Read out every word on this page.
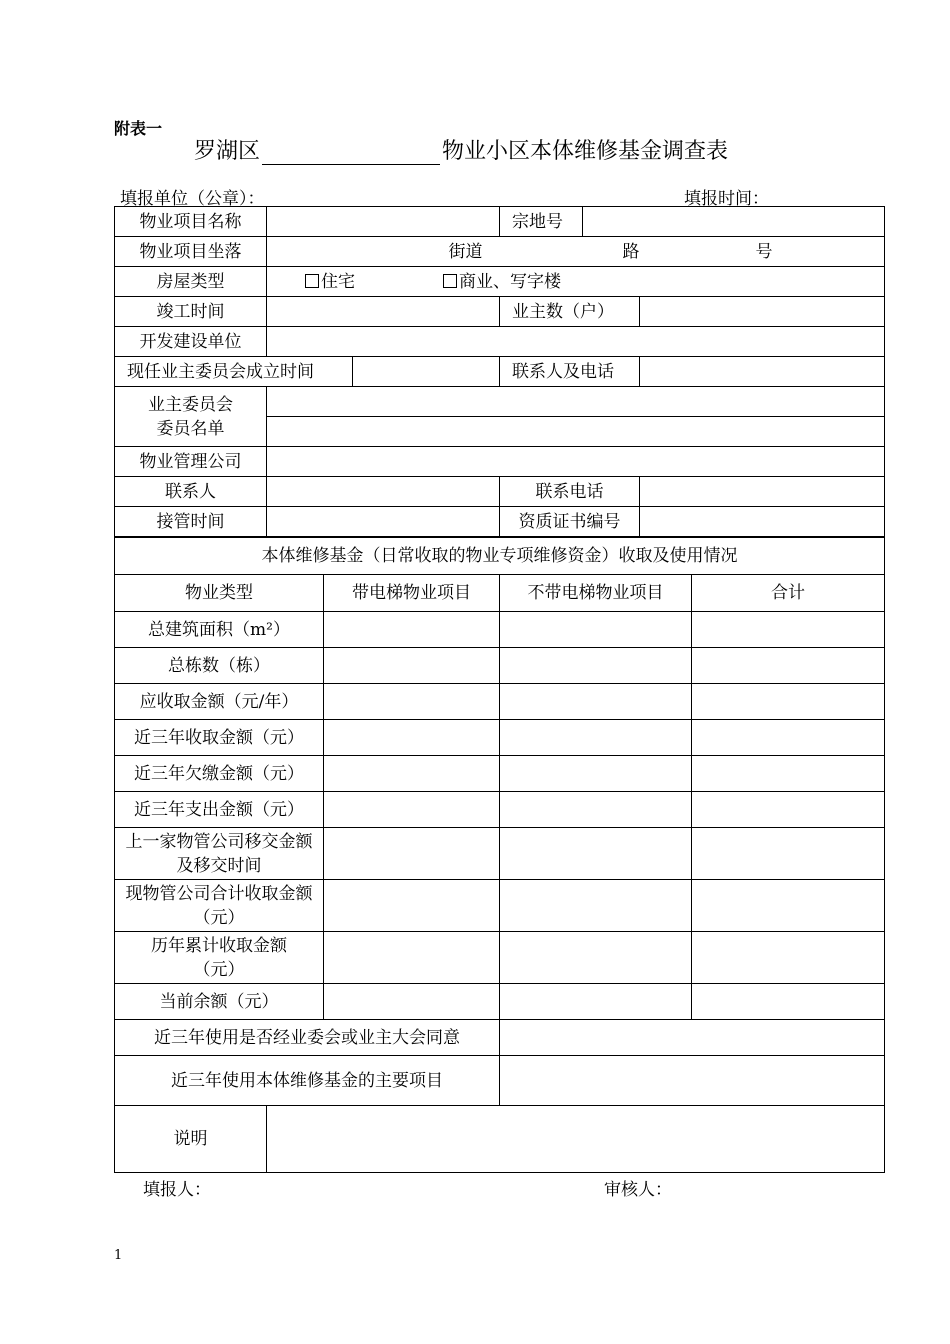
附表一
罗湖区	物业小区本体维修基金调查表
填报单位（公章）：	填报时间：
物业项目名称			宗地号		
物业项目坐落	街道 路 号				
房屋类型	住宅 商业、写字楼				
竣工时间			业主数（户）		
开发建设单位					
现任业主委员会成立时间			联系人及电话		

业主委员会
委员名单					

物业管理公司					
联系人			联系电话		
接管时间			资质证书编号		
本体维修基金（日常收取的物业专项维修资金）收取及使用情况				
物业类型		带电梯物业项目	不带电梯物业项目	合计
总建筑面积（m²）				
总栋数（栋）				
应收取金额（元/年）				
近三年收取金额（元）				
近三年欠缴金额（元）				
近三年支出金额（元）				
上一家物管公司移交金额及移交时间				
现物管公司合计收取金额（元）				
历年累计收取金额（元）				
当前余额（元）				
近三年使用是否经业委会或业主大会同意				
近三年使用本体维修基金的主要项目				
说明				
填报人：	审核人：
1
